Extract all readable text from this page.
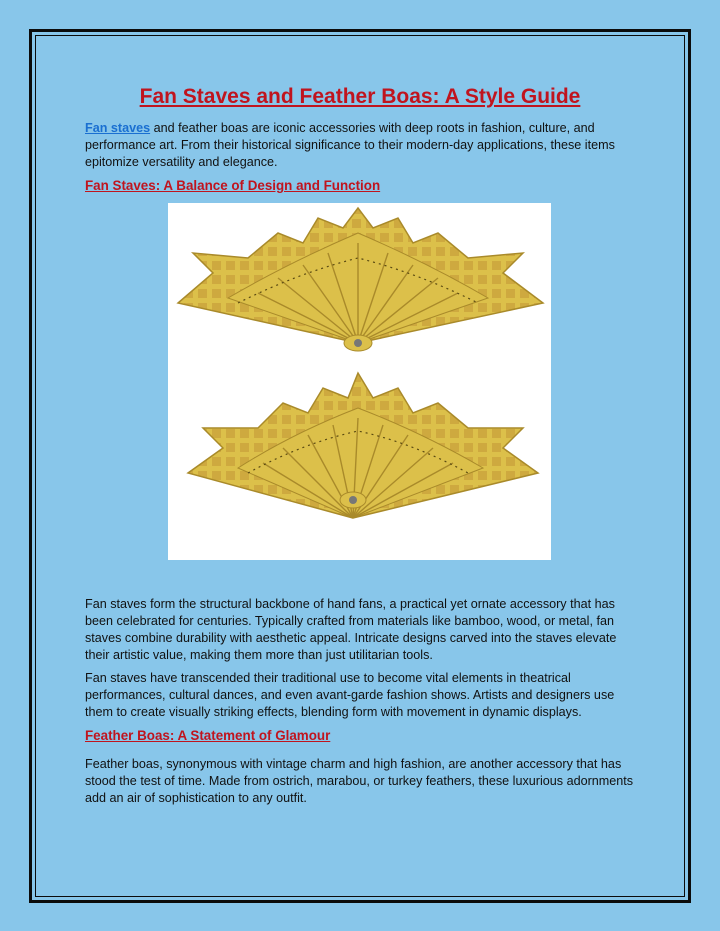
Fan Staves and Feather Boas: A Style Guide

Fan staves and feather boas are iconic accessories with deep roots in fashion, culture, and performance art. From their historical significance to their modern-day applications, these items epitomize versatility and elegance.

Fan Staves: A Balance of Design and Function

Fan staves form the structural backbone of hand fans, a practical yet ornate accessory that has been celebrated for centuries. Typically crafted from materials like bamboo, wood, or metal, fan staves combine durability with aesthetic appeal. Intricate designs carved into the staves elevate their artistic value, making them more than just utilitarian tools.

Fan staves have transcended their traditional use to become vital elements in theatrical performances, cultural dances, and even avant-garde fashion shows. Artists and designers use them to create visually striking effects, blending form with movement in dynamic displays.

Feather Boas: A Statement of Glamour

Feather boas, synonymous with vintage charm and high fashion, are another accessory that has stood the test of time. Made from ostrich, marabou, or turkey feathers, these luxurious adornments add an air of sophistication to any outfit.
